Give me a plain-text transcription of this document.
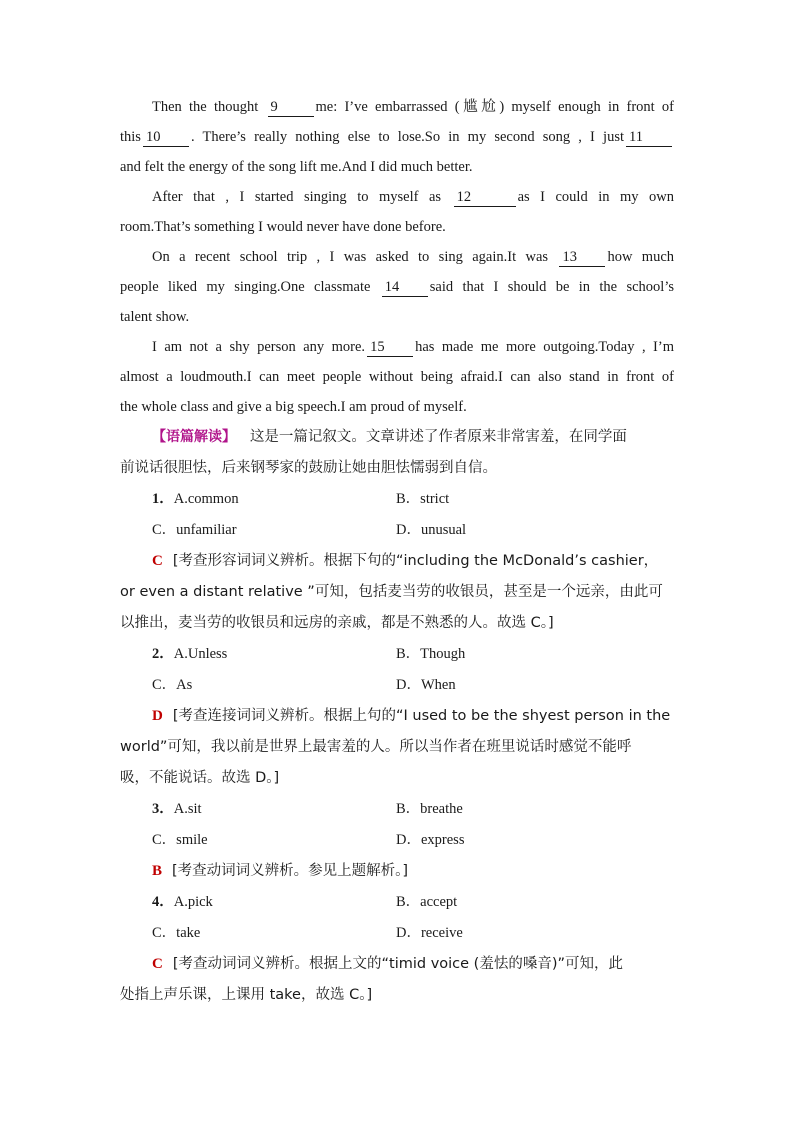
Then the thought 9	me: I’ve embarrassed (尴尬) myself enough in front of
this 10 . There’s really nothing else to lose.So in my second song , I just 11
and felt the energy of the song lift me.And I did much better.
After that , I started singing to myself as 12	as I could in my own
room.That’s something I would never have done before.
On a recent school trip , I was asked to sing again.It was 13 how much
people liked my singing.One classmate 14 said that I should be in the school’s
talent show.
I am not a shy person any more. 15 has made me more outgoing.Today , I’m
almost a loudmouth.I can meet people without being afraid.I can also stand in front of
the whole class and give a big speech.I am proud of myself.
【语篇解读】 这是一篇记叙文。文章讲述了作者原来非常害羞，在同学面
前说话很胆怯，后来钢琴家的鼓励让她由胆怯懦弱到自信。
1．A.common	B．strict
C．unfamiliar	D．unusual
C [考查形容词词义辨析。根据下句的“including the McDonald’s cashier，
or even a distant relative ”可知，包括麦当劳的收银员，甚至是一个远亲，由此可
以推出，麦当劳的收银员和远房的亲戚，都是不熟悉的人。故选 C。]
2．A.Unless	B．Though
C．As	D．When
D [考查连接词词义辨析。根据上句的“I used to be the shyest person in the
world”可知，我以前是世界上最害羞的人。所以当作者在班里说话时感觉不能呼
吸，不能说话。故选 D。]
3．A.sit	B．breathe
C．smile	D．express
B [考查动词词义辨析。参见上题解析。]
4．A.pick	B．accept
C．take	D．receive
C [考查动词词义辨析。根据上文的“timid voice (羞怯的嗓音)”可知，此
处指上声乐课，上课用 take，故选 C。]
